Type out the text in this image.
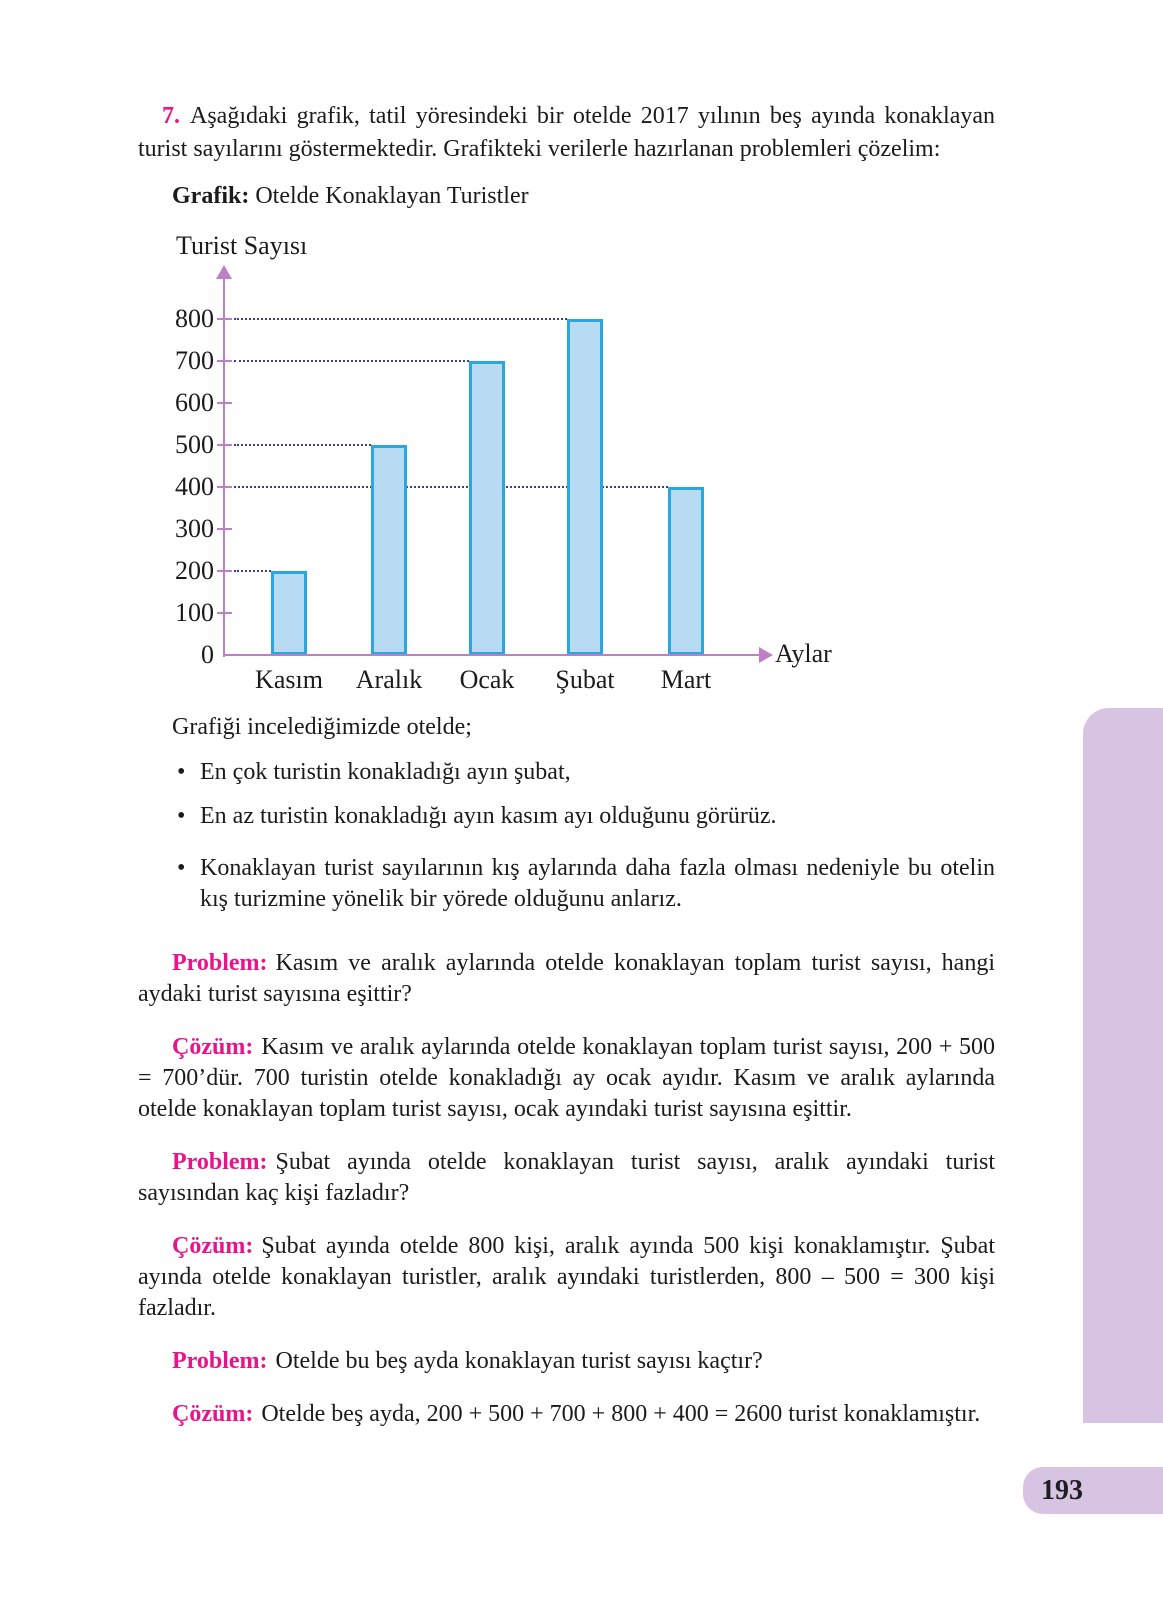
7. Aşağıdaki grafik, tatil yöresindeki bir otelde 2017 yılının beş ayında konaklayan turist sayılarını göstermektedir. Grafikteki verilerle hazırlanan problemleri çözelim:

Grafik: Otelde Konaklayan Turistler

Turist Sayısı
0
100
200
300
400
500
600
700
800
Kasım	Aralık	Ocak	Şubat	Mart
Aylar

Grafiği incelediğimizde otelde;

• En çok turistin konakladığı ayın şubat,
• En az turistin konakladığı ayın kasım ayı olduğunu görürüz.
• Konaklayan turist sayılarının kış aylarında daha fazla olması nedeniyle bu otelin kış turizmine yönelik bir yörede olduğunu anlarız.

Problem: Kasım ve aralık aylarında otelde konaklayan toplam turist sayısı, hangi aydaki turist sayısına eşittir?

Çözüm: Kasım ve aralık aylarında otelde konaklayan toplam turist sayısı, 200 + 500 = 700’dür. 700 turistin otelde konakladığı ay ocak ayıdır. Kasım ve aralık aylarında otelde konaklayan toplam turist sayısı, ocak ayındaki turist sayısına eşittir.

Problem: Şubat ayında otelde konaklayan turist sayısı, aralık ayındaki turist sayısından kaç kişi fazladır?

Çözüm: Şubat ayında otelde 800 kişi, aralık ayında 500 kişi konaklamıştır. Şubat ayında otelde konaklayan turistler, aralık ayındaki turistlerden, 800 – 500 = 300 kişi fazladır.

Problem: Otelde bu beş ayda konaklayan turist sayısı kaçtır?

Çözüm: Otelde beş ayda, 200 + 500 + 700 + 800 + 400 = 2600 turist konaklamıştır.

193
